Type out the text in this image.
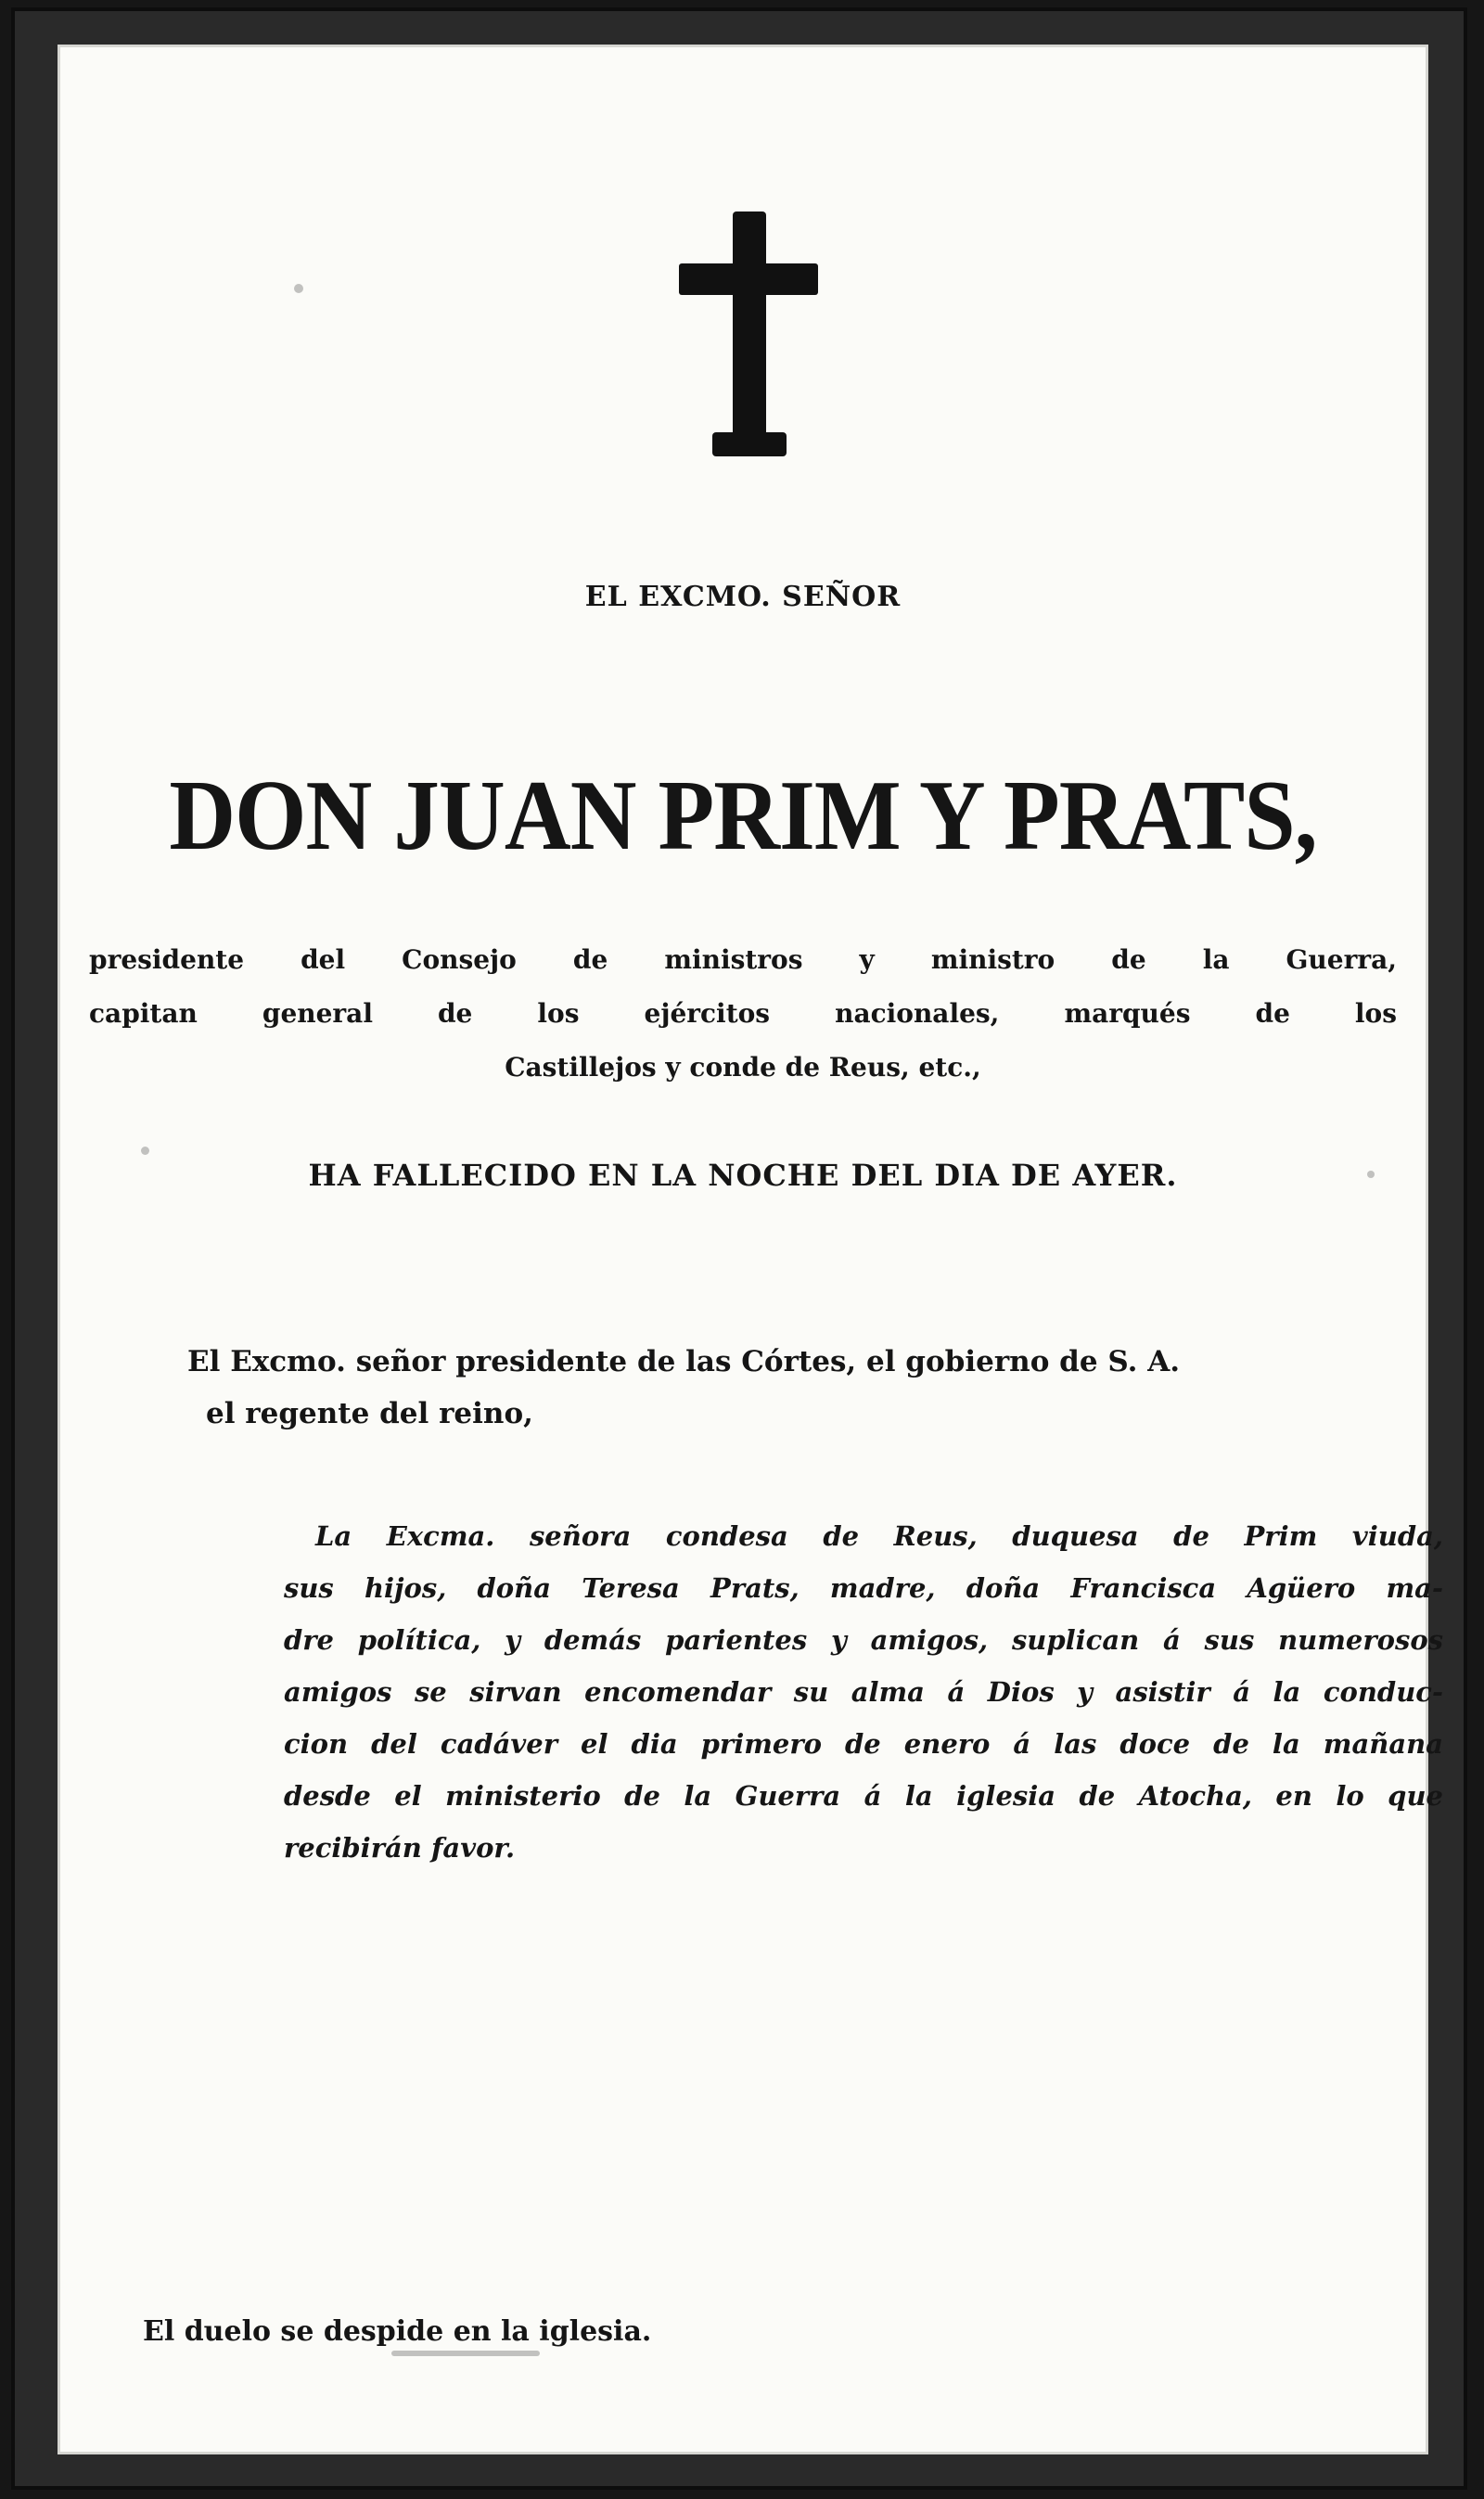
EL EXCMO. SEÑOR
DON JUAN PRIM Y PRATS,
presidente del Consejo de ministros y ministro de la Guerra,
capitan general de los ejércitos nacionales, marqués de los
Castillejos y conde de Reus, etc.,
HA FALLECIDO EN LA NOCHE DEL DIA DE AYER.
El Excmo. señor presidente de las Córtes, el gobierno de S. A.
el regente del reino,
La Excma. señora condesa de Reus, duquesa de Prim viuda,
sus hijos, doña Teresa Prats, madre, doña Francisca Agüero ma-
dre política, y demás parientes y amigos, suplican á sus numerosos
amigos se sirvan encomendar su alma á Dios y asistir á la conduc-
cion del cadáver el dia primero de enero á las doce de la mañana
desde el ministerio de la Guerra á la iglesia de Atocha, en lo que
recibirán favor.
El duelo se despide en la iglesia.
